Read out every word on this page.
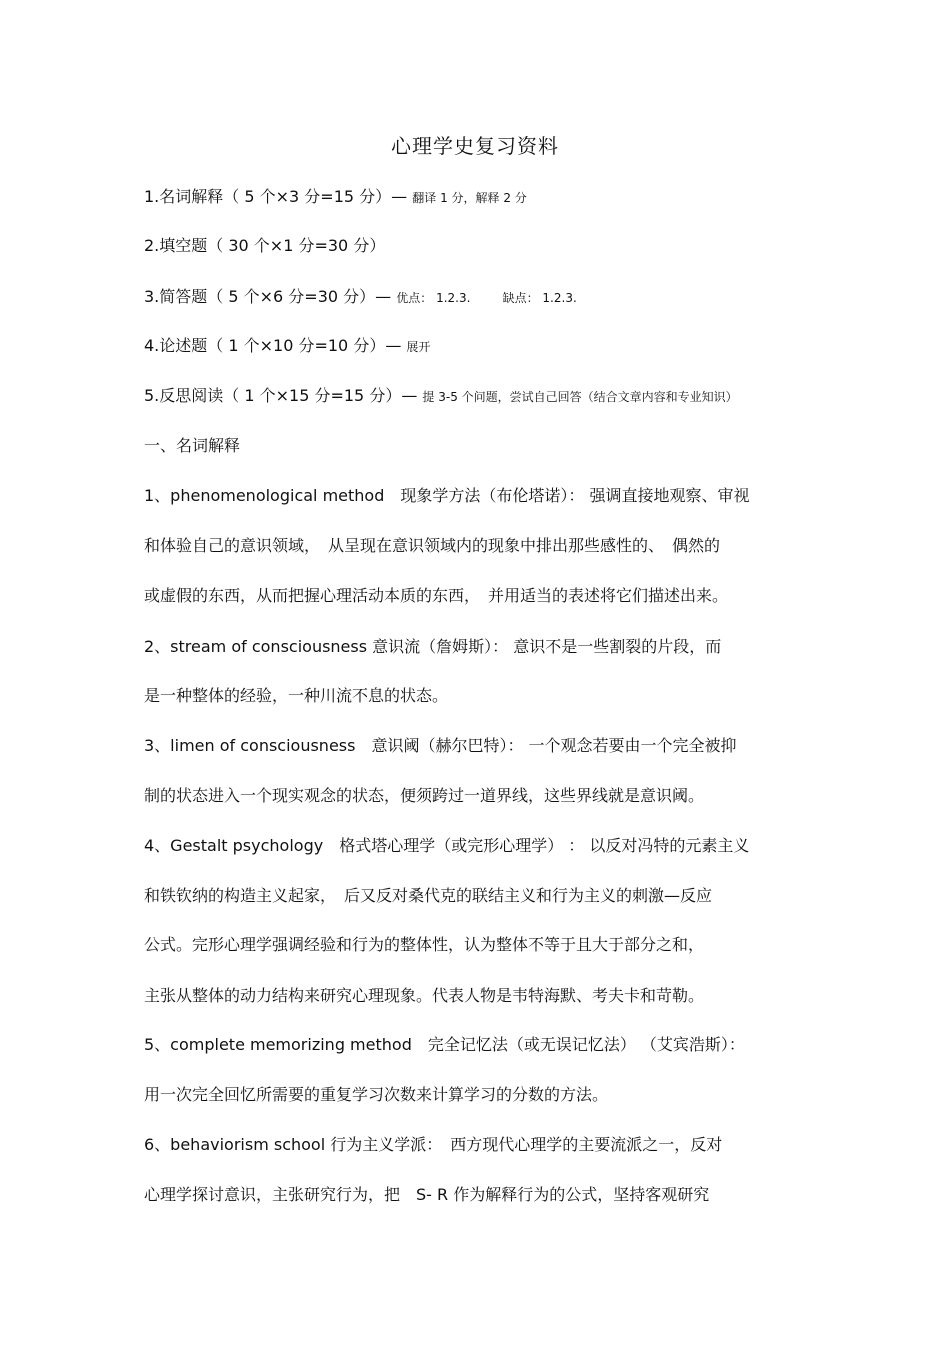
心理学史复习资料
1.名词解释（ 5 个×3 分=15 分）— 翻译 1 分，解释 2 分
2.填空题（ 30 个×1 分=30 分）
3.简答题（ 5 个×6 分=30 分）— 优点： 1.2.3.	缺点： 1.2.3.
4.论述题（ 1 个×10 分=10 分）— 展开
5.反思阅读（ 1 个×15 分=15 分）— 提 3-5 个问题，尝试自己回答（结合文章内容和专业知识）
一、名词解释
1、phenomenological method　现象学方法（布伦塔诺）： 强调直接地观察、审视
和体验自己的意识领域，　从呈现在意识领域内的现象中排出那些感性的、　偶然的
或虚假的东西，从而把握心理活动本质的东西，　并用适当的表述将它们描述出来。
2、stream of consciousness 意识流（詹姆斯）： 意识不是一些割裂的片段，而
是一种整体的经验，一种川流不息的状态。
3、limen of consciousness　意识阈（赫尔巴特）： 一个观念若要由一个完全被抑
制的状态进入一个现实观念的状态，便须跨过一道界线，这些界线就是意识阈。
4、Gestalt psychology　格式塔心理学（或完形心理学） ： 以反对冯特的元素主义
和铁钦纳的构造主义起家，　后又反对桑代克的联结主义和行为主义的刺激—反应
公式。完形心理学强调经验和行为的整体性，认为整体不等于且大于部分之和，
主张从整体的动力结构来研究心理现象。代表人物是韦特海默、考夫卡和苛勒。
5、complete memorizing method　完全记忆法（或无误记忆法） （艾宾浩斯）：
用一次完全回忆所需要的重复学习次数来计算学习的分数的方法。
6、behaviorism school 行为主义学派：　西方现代心理学的主要流派之一，反对
心理学探讨意识，主张研究行为，把　S- R 作为解释行为的公式，坚持客观研究
